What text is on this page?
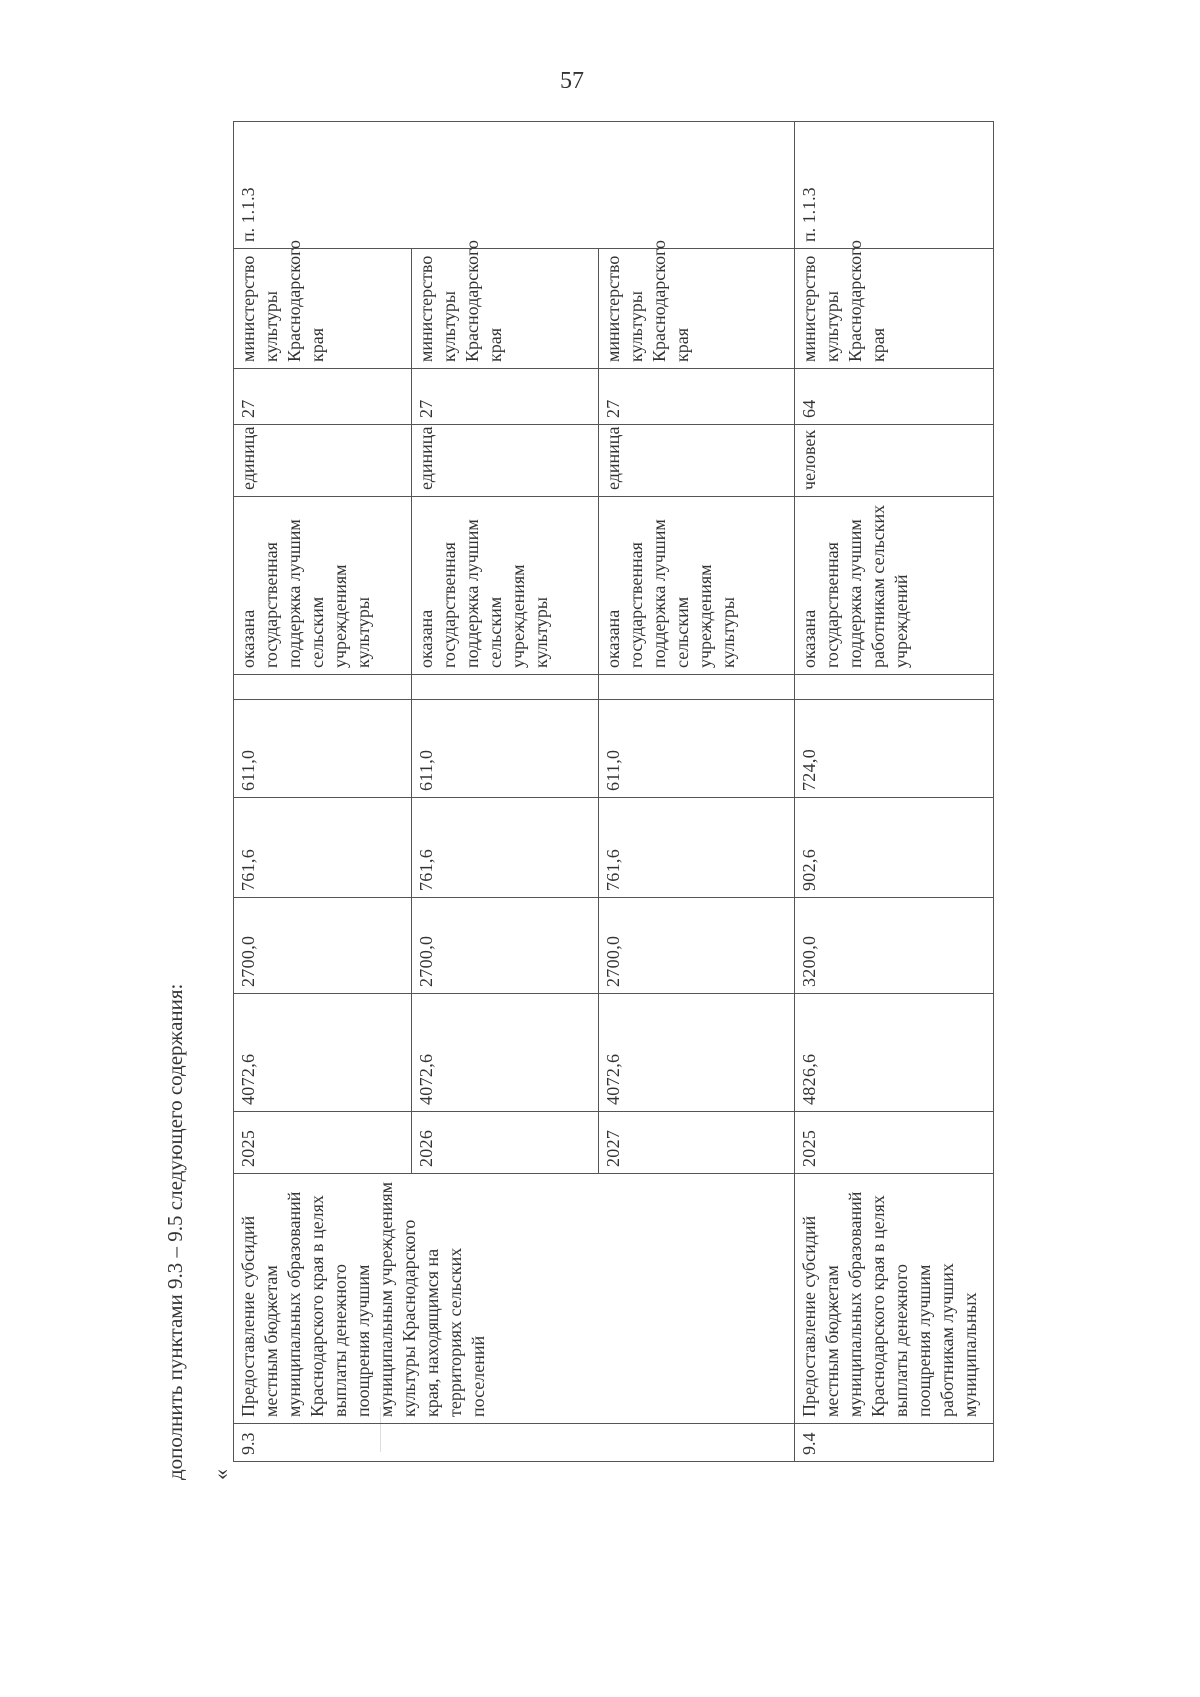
57
дополнить пунктами 9.3 – 9.5 следующего содержания: «
9.3	Предоставление субсидий местным бюджетам муниципальных образований Краснодарского края в целях выплаты денежного поощрения лучшим муниципальным учреждениям культуры Краснодарского края, находящимся на территориях сельских поселений	2025	4072,6	2700,0	761,6	611,0		оказана государственная поддержка лучшим сельским учреждениям культуры	единица	27	министерство культуры Краснодарского края	п. 1.1.3
		2026	4072,6	2700,0	761,6	611,0		оказана государственная поддержка лучшим сельским учреждениям культуры	единица	27	министерство культуры Краснодарского края	
		2027	4072,6	2700,0	761,6	611,0		оказана государственная поддержка лучшим сельским учреждениям культуры	единица	27	министерство культуры Краснодарского края	
9.4	Предоставление субсидий местным бюджетам муниципальных образований Краснодарского края в целях выплаты денежного поощрения лучшим работникам лучших муниципальных	2025	4826,6	3200,0	902,6	724,0		оказана государственная поддержка лучшим работникам сельских учреждений	человек	64	министерство культуры Краснодарского края	п. 1.1.3
